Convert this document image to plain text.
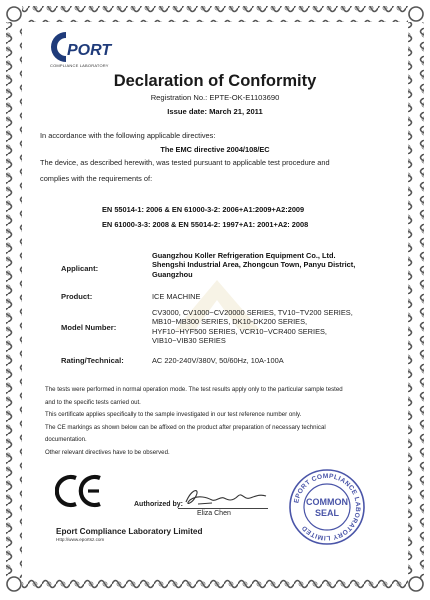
PORT
COMPLIANCE LABORATORY
Declaration of Conformity
Registration No.: EPTE-OK-E1103690
Issue date: March 21, 2011
In accordance with the following applicable directives:
The EMC directive 2004/108/EC
The device, as described herewith, was tested pursuant to applicable test procedure and
complies with the requirements of:
EN 55014-1: 2006 & EN 61000-3-2: 2006+A1:2009+A2:2009
EN 61000-3-3: 2008 & EN 55014-2: 1997+A1: 2001+A2: 2008
Applicant:
Guangzhou Koller Refrigeration Equipment Co., Ltd.
Shengshi Industrial Area, Zhongcun Town, Panyu District,
Guangzhou
Product:	ICE MACHINE
Model Number:
CV3000, CV1000~CV20000 SERIES, TV10~TV200 SERIES,
MB10~MB300 SERIES, DK10-DK200 SERIES,
HYF10~HYF500 SERIES, VCR10~VCR400 SERIES,
VIB10~VIB30 SERIES
Rating/Technical:	AC 220-240V/380V, 50/60Hz, 10A-100A
The tests were performed in normal operation mode. The test results apply only to the particular sample tested
and to the specific tests carried out.
This certificate applies specifically to the sample investigated in our test reference number only.
The CE markings as shown below can be affixed on the product after preparation of necessary technical
documentation.
Other relevant directives have to be observed.
Authorized by:
Eliza Chen
EPORT COMPLIANCE LABORATORY LIMITED
COMMON
SEAL
Eport Compliance Laboratory Limited
Http://www.eportsz.com
